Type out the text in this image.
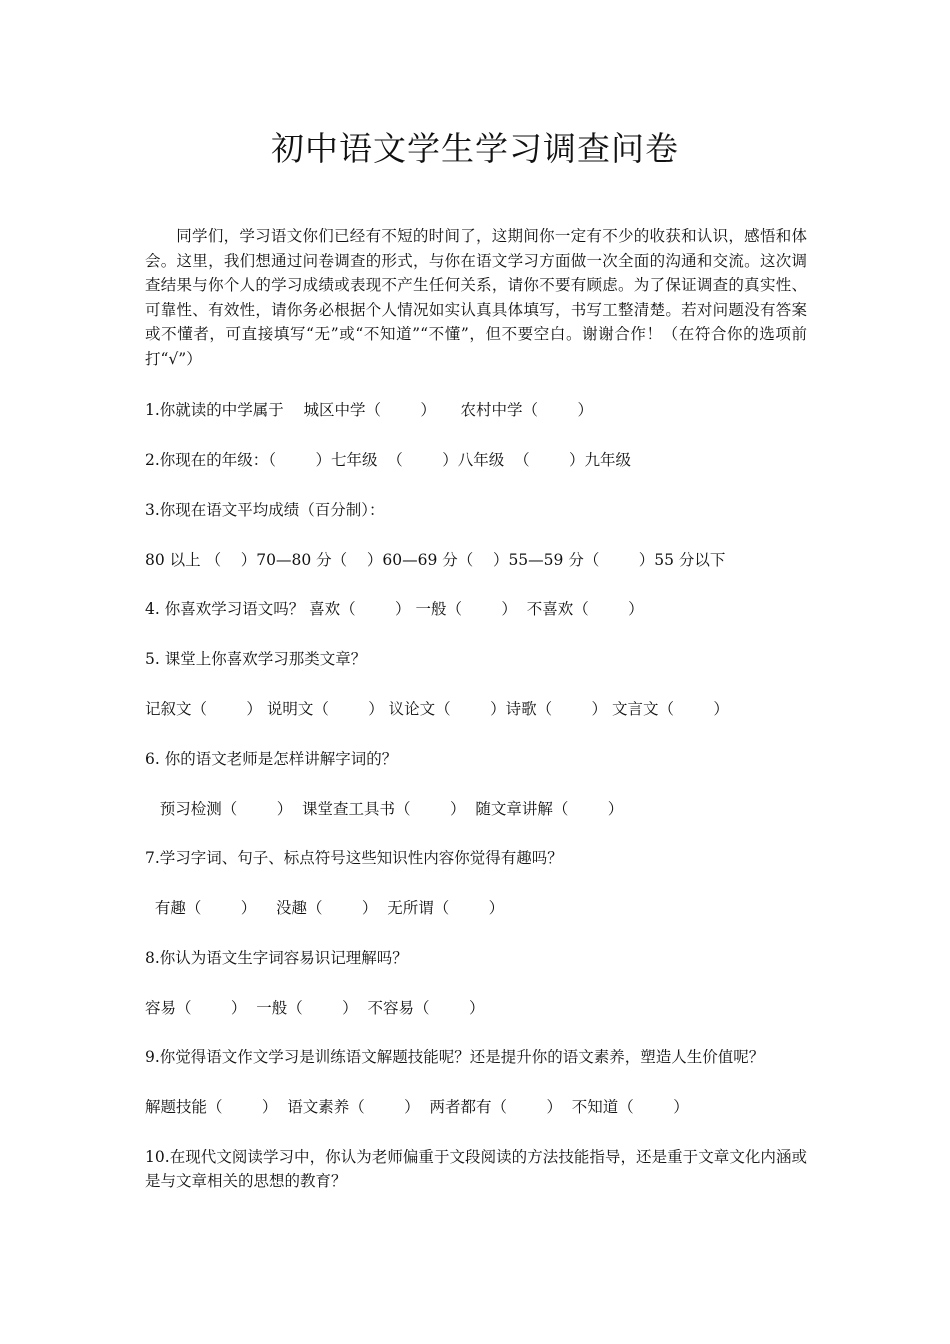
初中语文学生学习调查问卷

同学们，学习语文你们已经有不短的时间了，这期间你一定有不少的收获和认识，感悟和体会。这里，我们想通过问卷调查的形式，与你在语文学习方面做一次全面的沟通和交流。这次调查结果与你个人的学习成绩或表现不产生任何关系，请你不要有顾虑。为了保证调查的真实性、可靠性、有效性，请你务必根据个人情况如实认真具体填写，书写工整清楚。若对问题没有答案或不懂者，可直接填写“无”或“不知道”“不懂”，但不要空白。谢谢合作！（在符合你的选项前打“√”）

1.你就读的中学属于    城区中学（        ）     农村中学（        ）

2.你现在的年级：（        ）七年级  （        ）八年级  （        ）九年级

3.你现在语文平均成绩（百分制）：

80 以上 （    ）70—80 分（    ）60—69 分（    ）55—59 分（        ）55 分以下

4. 你喜欢学习语文吗？ 喜欢（        ） 一般（        ）  不喜欢（        ）

5. 课堂上你喜欢学习那类文章？

记叙文（        ） 说明文（        ） 议论文（        ）诗歌（        ） 文言文（        ）

6. 你的语文老师是怎样讲解字词的？

预习检测（        ）  课堂查工具书（        ）  随文章讲解（        ）

7.学习字词、句子、标点符号这些知识性内容你觉得有趣吗？

有趣（        ）    没趣（        ）  无所谓（        ）

8.你认为语文生字词容易识记理解吗？

容易（        ）  一般（        ）  不容易（        ）

9.你觉得语文作文学习是训练语文解题技能呢？还是提升你的语文素养，塑造人生价值呢？

解题技能（        ）  语文素养（        ）  两者都有（        ）  不知道（        ）

10.在现代文阅读学习中，你认为老师偏重于文段阅读的方法技能指导，还是重于文章文化内涵或是与文章相关的思想的教育？
